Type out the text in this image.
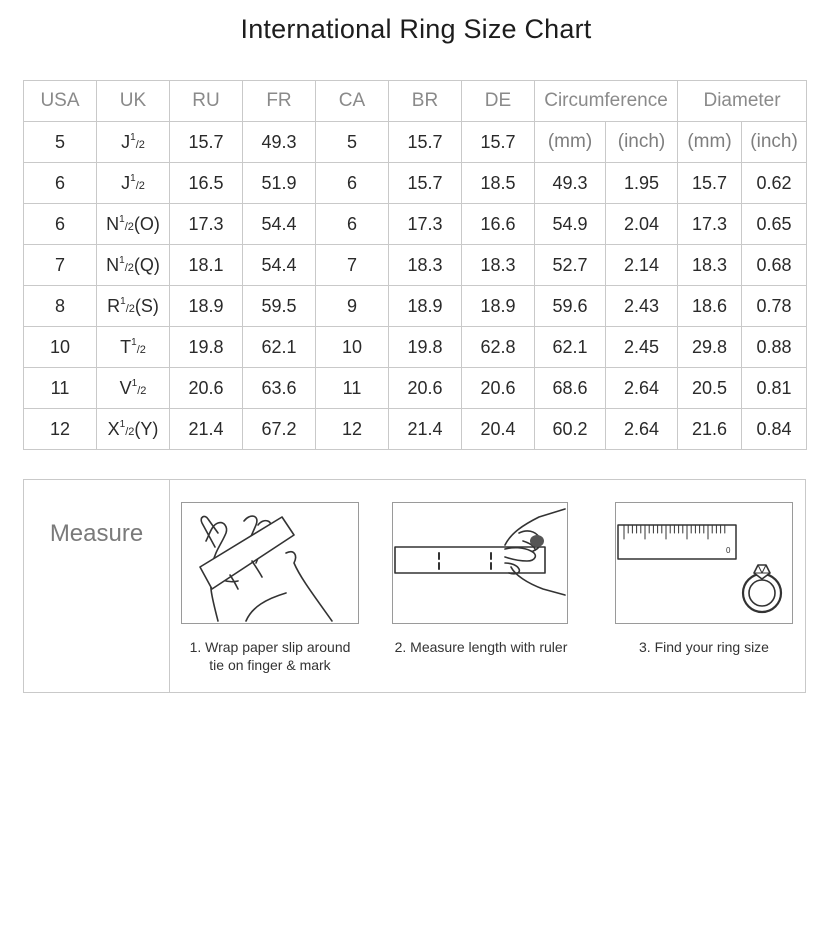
International Ring Size Chart
USA	UK	RU	FR	CA	BR	DE	Circumference		Diameter	
5	$J^1/2$	15.7	49.3	5	15.7	15.7	(mm)	(inch)	(mm)	(inch)
6	$J^1/2$	16.5	51.9	6	15.7	18.5	49.3	1.95	15.7	0.62
6	$N^1/2(O)$	17.3	54.4	6	17.3	16.6	54.9	2.04	17.3	0.65
7	$N^1/2(Q)$	18.1	54.4	7	18.3	18.3	52.7	2.14	18.3	0.68
8	$R^1/2(S)$	18.9	59.5	9	18.9	18.9	59.6	2.43	18.6	0.78
10	$T^1/2$	19.8	62.1	10	19.8	62.8	62.1	2.45	29.8	0.88
11	$V^1/2$	20.6	63.6	11	20.6	20.6	68.6	2.64	20.5	0.81
12	$X^1/2(Y)$	21.4	67.2	12	21.4	20.4	60.2	2.64	21.6	0.84
Measure
1. Wrap paper slip around
tie on finger & mark
2. Measure length with ruler
0
3. Find your ring size
